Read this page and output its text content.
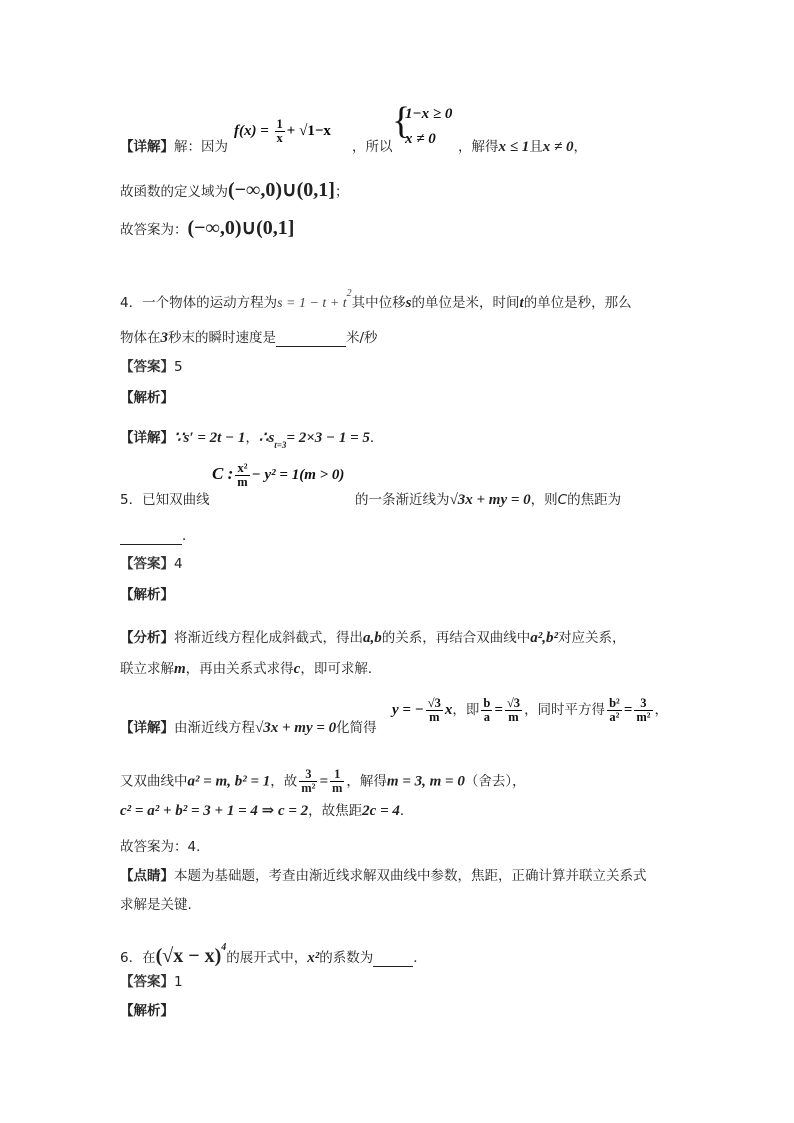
【详解】解：因为
$f(x) = \frac{1}{x} + √1-x$
，所以
{
1−x ≥ 0
x ≠ 0 ，解得x ≤ 1且x ≠ 0，
故函数的定义域为(−∞,0)∪(0,1]；
故答案为：(−∞,0)∪(0,1]
4．一个物体的运动方程为$s = 1 - t + t^2$其中位移s的单位是米，时间t的单位是秒，那么
物体在3秒末的瞬时速度是	米/秒
【答案】5
【解析】
【详解】∵s′ = 2t − 1，$\therefore s_{t=3}= 2\times 3 - 1 = 5$．
5．已知双曲线
C : $\frac{\text{x²}}{m} - y^2 = 1(m > 0)$
的一条渐近线为√3x + my = 0，则C的焦距为
．
【答案】4
【解析】
【分析】将渐近线方程化成斜截式，得出a,b的关系，再结合双曲线中a²,b²对应关系，
联立求解m，再由关系式求得c，即可求解．
【详解】由渐近线方程√3x + my = 0化简得
y = − $\frac{√3}{m}$ x，即 $\frac{b}{a} = \frac{√3}{m}$ ，同时平方得 $\frac{\text{b²}}{\text{a²}} = \frac{3}{\text{m²}}$ ，
又双曲线中a² = m, b² = 1，故 $\frac{3}{\text{m²}} = \frac{1}{m}$ ，解得m = 3, m = 0（舍去），
c² = a² + b² = 3 + 1 = 4 ⇒ c = 2，故焦距2c = 4．
故答案为：4．
【点睛】本题为基础题，考查由渐近线求解双曲线中参数，焦距，正确计算并联立关系式
求解是关键．
6．在$(√x - x)^4$的展开式中，x²的系数为	．
【答案】1
【解析】
